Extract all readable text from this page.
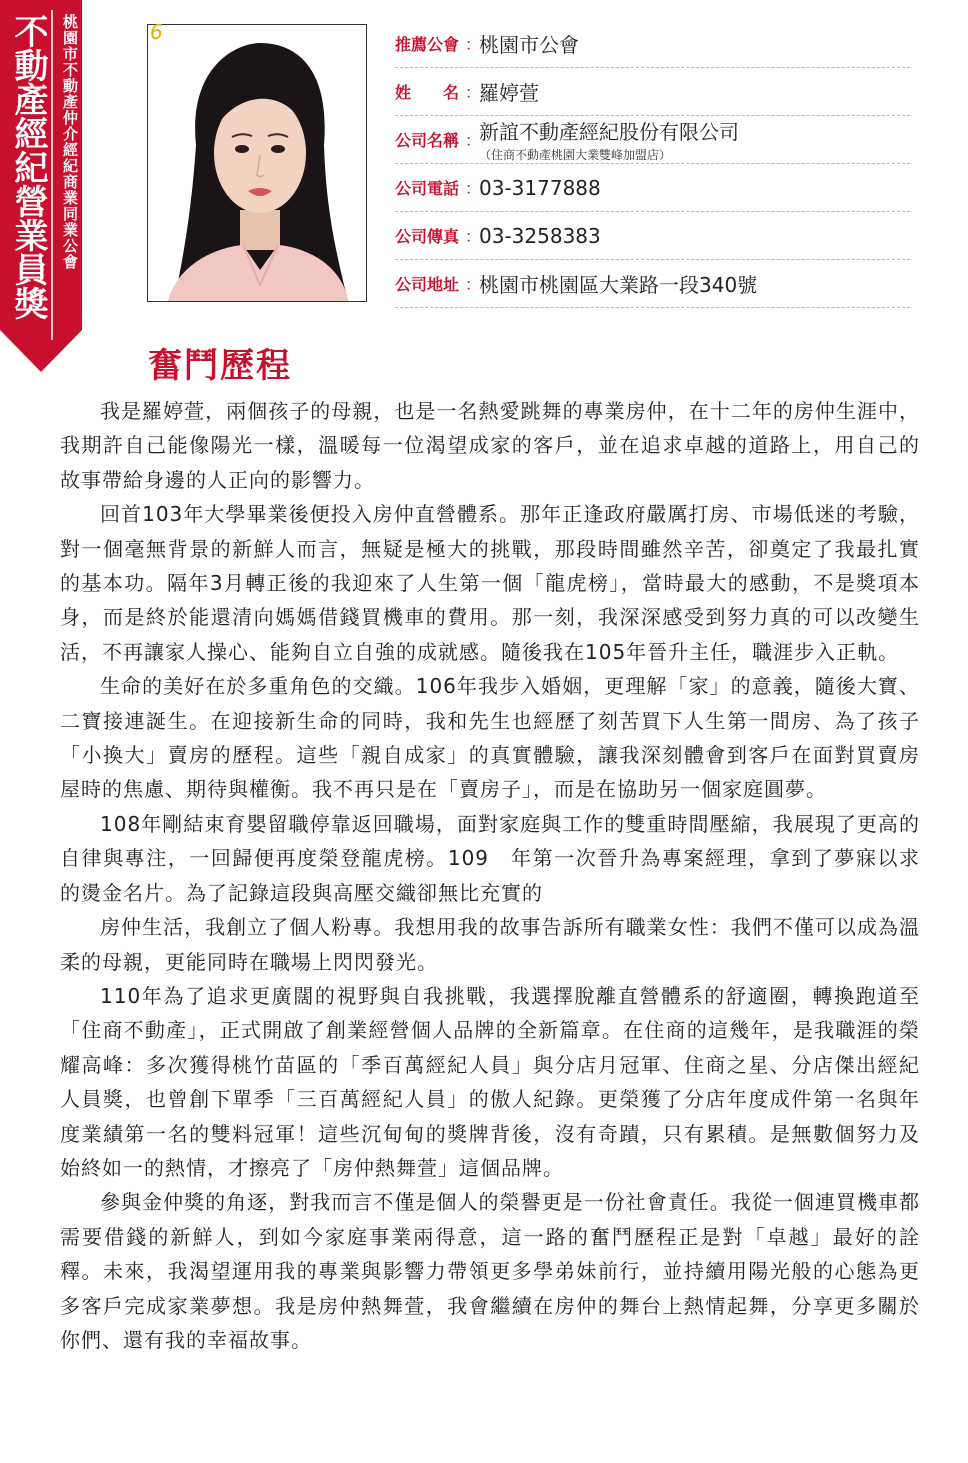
不動產經紀營業員獎 桃園市不動產仲介經紀商業同業公會	6
推薦公會 ：
桃園市公會
姓　　名 ：
羅婷萱
公司名稱 ：
新誼不動產經紀股份有限公司
（住商不動產桃園大業雙峰加盟店）
公司電話 ：
03-3177888
公司傳真 ：
03-3258383
公司地址 ：
桃園市桃園區大業路一段340號
奮鬥歷程

我是羅婷萱，兩個孩子的母親，也是一名熱愛跳舞的專業房仲，在十二年的房仲生涯中，我期許自己能像陽光一樣，溫暖每一位渴望成家的客戶，並在追求卓越的道路上，用自己的故事帶給身邊的人正向的影響力。

回首103年大學畢業後便投入房仲直營體系。那年正逢政府嚴厲打房、市場低迷的考驗，對一個毫無背景的新鮮人而言，無疑是極大的挑戰，那段時間雖然辛苦，卻奠定了我最扎實的基本功。隔年3月轉正後的我迎來了人生第一個「龍虎榜」，當時最大的感動，不是獎項本身，而是終於能還清向媽媽借錢買機車的費用。那一刻，我深深感受到努力真的可以改變生活，不再讓家人操心、能夠自立自強的成就感。隨後我在105年晉升主任，職涯步入正軌。

生命的美好在於多重角色的交織。106年我步入婚姻，更理解「家」的意義，隨後大寶、二寶接連誕生。在迎接新生命的同時，我和先生也經歷了刻苦買下人生第一間房、為了孩子「小換大」賣房的歷程。這些「親自成家」的真實體驗，讓我深刻體會到客戶在面對買賣房屋時的焦慮、期待與權衡。我不再只是在「賣房子」，而是在協助另一個家庭圓夢。

108年剛結束育嬰留職停靠返回職場，面對家庭與工作的雙重時間壓縮，我展現了更高的自律與專注，一回歸便再度榮登龍虎榜。109　年第一次晉升為專案經理，拿到了夢寐以求的燙金名片。為了記錄這段與高壓交織卻無比充實的

房仲生活，我創立了個人粉專。我想用我的故事告訴所有職業女性：我們不僅可以成為溫柔的母親，更能同時在職場上閃閃發光。

110年為了追求更廣闊的視野與自我挑戰，我選擇脫離直營體系的舒適圈，轉換跑道至「住商不動產」，正式開啟了創業經營個人品牌的全新篇章。在住商的這幾年，是我職涯的榮耀高峰：多次獲得桃竹苗區的「季百萬經紀人員」與分店月冠軍、住商之星、分店傑出經紀人員獎，也曾創下單季「三百萬經紀人員」的傲人紀錄。更榮獲了分店年度成件第一名與年度業績第一名的雙料冠軍！這些沉甸甸的獎牌背後，沒有奇蹟，只有累積。是無數個努力及始終如一的熱情，才擦亮了「房仲熱舞萱」這個品牌。

參與金仲獎的角逐，對我而言不僅是個人的榮譽更是一份社會責任。我從一個連買機車都需要借錢的新鮮人，到如今家庭事業兩得意，這一路的奮鬥歷程正是對「卓越」最好的詮釋。未來，我渴望運用我的專業與影響力帶領更多學弟妹前行，並持續用陽光般的心態為更多客戶完成家業夢想。我是房仲熱舞萱，我會繼續在房仲的舞台上熱情起舞，分享更多關於你們、還有我的幸福故事。
